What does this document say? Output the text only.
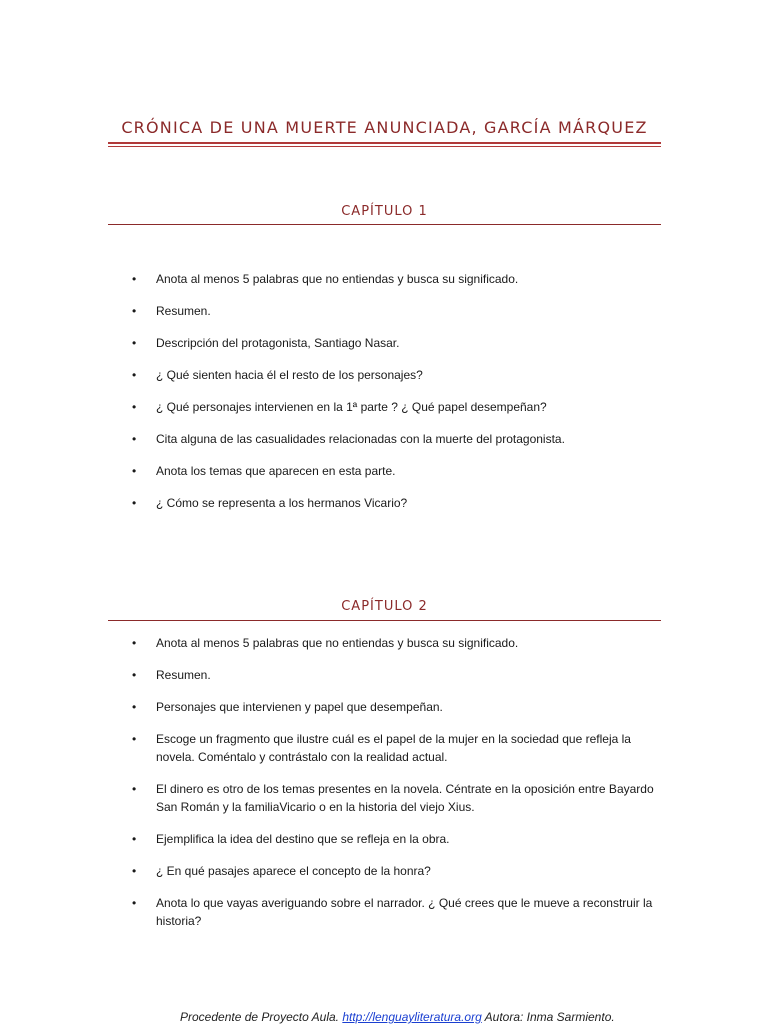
CRÓNICA DE UNA MUERTE ANUNCIADA, GARCÍA MÁRQUEZ
CAPÍTULO 1
• Anota al menos 5 palabras que no entiendas y busca su significado.
• Resumen.
• Descripción del protagonista, Santiago Nasar.
• ¿ Qué sienten hacia él el resto de los personajes?
• ¿ Qué personajes intervienen en la 1ª parte ? ¿ Qué papel desempeñan?
• Cita alguna de las casualidades relacionadas con la muerte del protagonista.
• Anota los temas que aparecen en esta parte.
• ¿ Cómo se representa a los hermanos Vicario?
CAPÍTULO 2
• Anota al menos 5 palabras que no entiendas y busca su significado.
• Resumen.
• Personajes que intervienen y papel que desempeñan.
• Escoge un fragmento que ilustre cuál es el papel de la mujer en la sociedad que refleja la novela. Coméntalo y contrástalo con la realidad actual.
• El dinero es otro de los temas presentes en la novela. Céntrate en la oposición entre Bayardo San Román y la familiaVicario o en la historia del viejo Xius.
• Ejemplifica la idea del destino que se refleja en la obra.
• ¿ En qué pasajes aparece el concepto de la honra?
• Anota lo que vayas averiguando sobre el narrador. ¿ Qué crees que le mueve a reconstruir la historia?
Procedente de Proyecto Aula. http://lenguayliteratura.org Autora: Inma Sarmiento.
